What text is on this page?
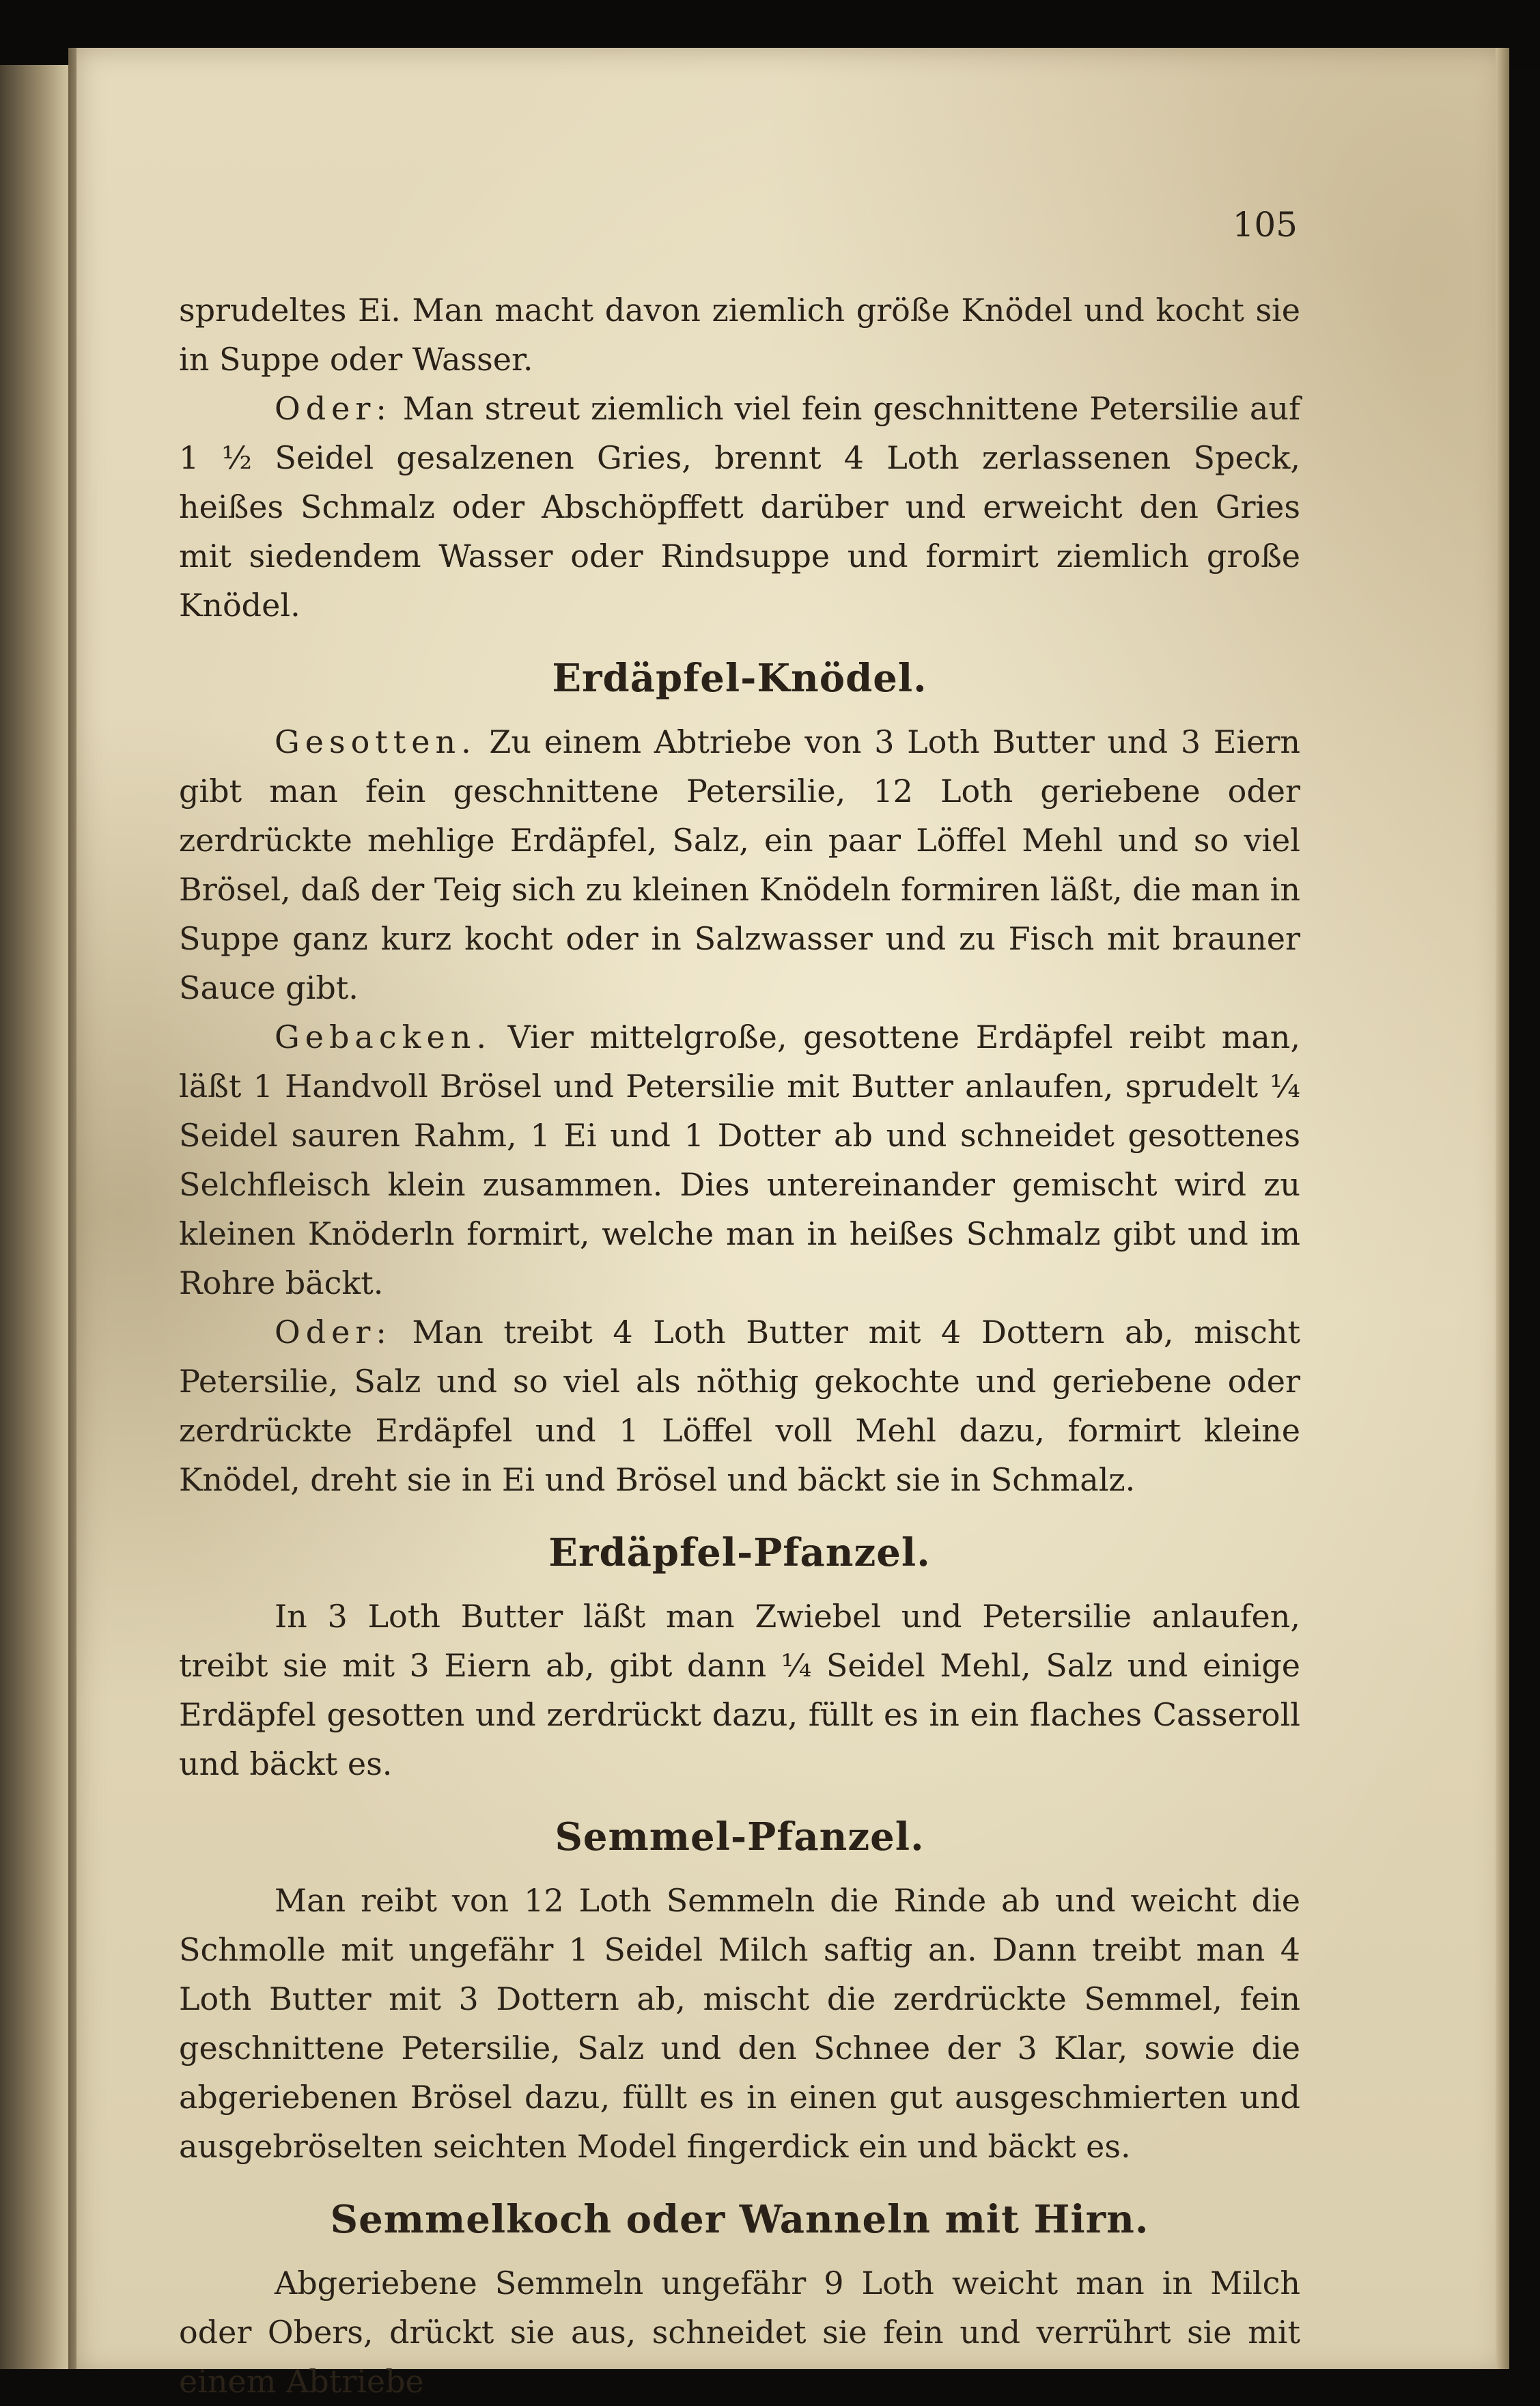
105

sprudeltes Ei. Man macht davon ziemlich größe Knödel und kocht sie in Suppe oder Wasser.

Oder: Man streut ziemlich viel fein geschnittene Petersilie auf 1 ½ Seidel gesalzenen Gries, brennt 4 Loth zerlassenen Speck, heißes Schmalz oder Abschöpffett darüber und erweicht den Gries mit siedendem Wasser oder Rindsuppe und formirt ziemlich große Knödel.

Erdäpfel-Knödel.

Gesotten. Zu einem Abtriebe von 3 Loth Butter und 3 Eiern gibt man fein geschnittene Petersilie, 12 Loth geriebene oder zerdrückte mehlige Erdäpfel, Salz, ein paar Löffel Mehl und so viel Brösel, daß der Teig sich zu kleinen Knödeln formiren läßt, die man in Suppe ganz kurz kocht oder in Salzwasser und zu Fisch mit brauner Sauce gibt.

Gebacken. Vier mittelgroße, gesottene Erdäpfel reibt man, läßt 1 Handvoll Brösel und Petersilie mit Butter anlaufen, sprudelt ¼ Seidel sauren Rahm, 1 Ei und 1 Dotter ab und schneidet gesottenes Selchfleisch klein zusammen. Dies untereinander gemischt wird zu kleinen Knöderln formirt, welche man in heißes Schmalz gibt und im Rohre bäckt.

Oder: Man treibt 4 Loth Butter mit 4 Dottern ab, mischt Petersilie, Salz und so viel als nöthig gekochte und geriebene oder zerdrückte Erdäpfel und 1 Löffel voll Mehl dazu, formirt kleine Knödel, dreht sie in Ei und Brösel und bäckt sie in Schmalz.

Erdäpfel-Pfanzel.

In 3 Loth Butter läßt man Zwiebel und Petersilie anlaufen, treibt sie mit 3 Eiern ab, gibt dann ¼ Seidel Mehl, Salz und einige Erdäpfel gesotten und zerdrückt dazu, füllt es in ein flaches Casseroll und bäckt es.

Semmel-Pfanzel.

Man reibt von 12 Loth Semmeln die Rinde ab und weicht die Schmolle mit ungefähr 1 Seidel Milch saftig an. Dann treibt man 4 Loth Butter mit 3 Dottern ab, mischt die zerdrückte Semmel, fein geschnittene Petersilie, Salz und den Schnee der 3 Klar, sowie die abgeriebenen Brösel dazu, füllt es in einen gut ausgeschmierten und ausgebröselten seichten Model fingerdick ein und bäckt es.

Semmelkoch oder Wanneln mit Hirn.

Abgeriebene Semmeln ungefähr 9 Loth weicht man in Milch oder Obers, drückt sie aus, schneidet sie fein und verrührt sie mit einem Abtriebe
